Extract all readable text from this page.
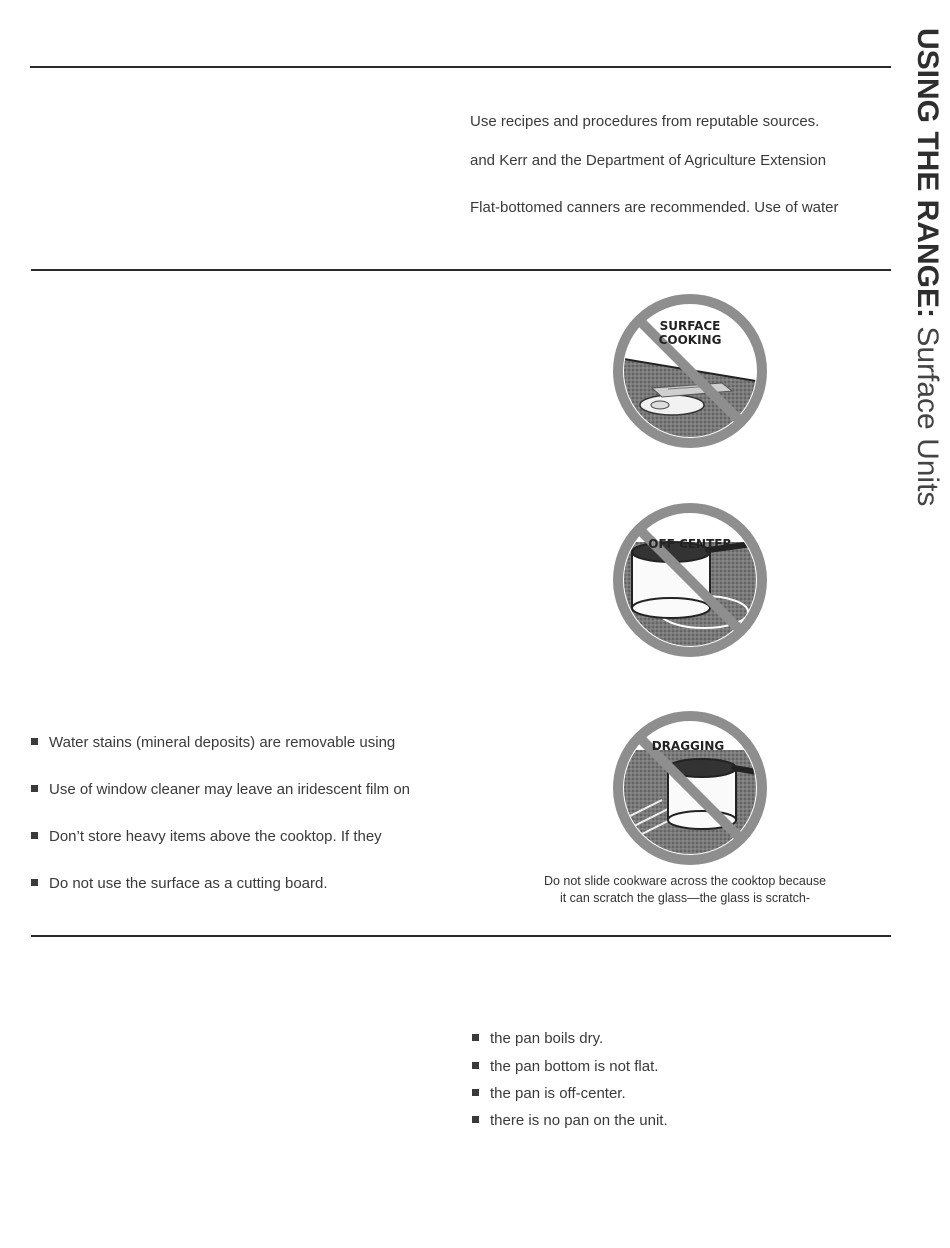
USING THE RANGE: Surface Units
Use recipes and procedures from reputable sources.
and Kerr and the Department of Agriculture Extension
Flat-bottomed canners are recommended. Use of water
SURFACE
COOKING
OFF CENTER
DRAGGING
Water stains (mineral deposits) are removable using
Use of window cleaner may leave an iridescent film on
Don’t store heavy items above the cooktop. If they
Do not use the surface as a cutting board.	Do not slide cookware across the cooktop because
it can scratch the glass—the glass is scratch-
the pan boils dry.
the pan bottom is not flat.
the pan is off-center.
there is no pan on the unit.
